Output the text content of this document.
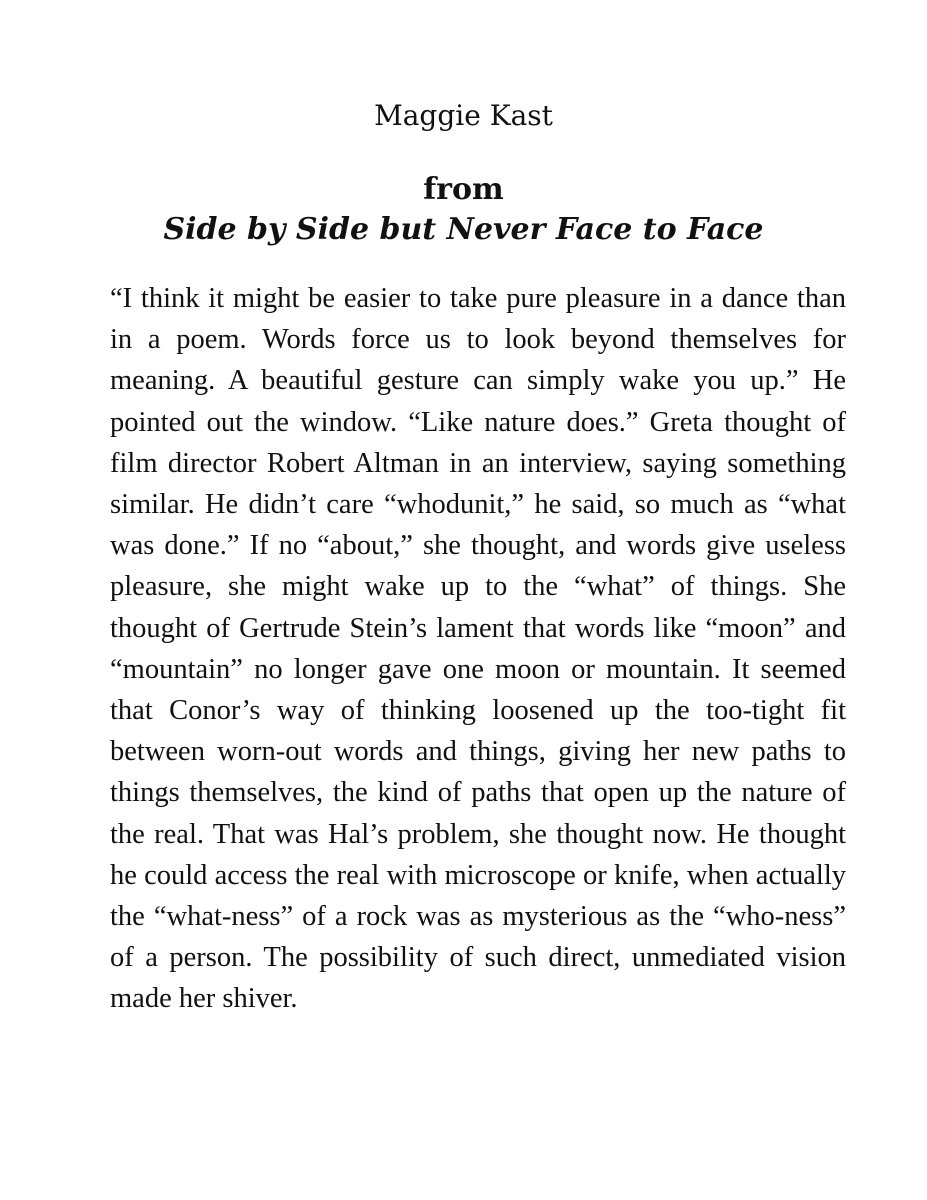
Maggie Kast
from
Side by Side but Never Face to Face

“I think it might be easier to take pure pleasure in a dance than in a poem. Words force us to look beyond themselves for meaning. A beautiful gesture can simply wake you up.” He pointed out the window. “Like nature does.” Greta thought of film director Robert Altman in an interview, saying something similar. He didn’t care “whodunit,” he said, so much as “what was done.” If no “about,” she thought, and words give useless pleasure, she might wake up to the “what” of things. She thought of Gertrude Stein’s lament that words like “moon” and “mountain” no longer gave one moon or mountain. It seemed that Conor’s way of thinking loosened up the too-tight fit between worn-out words and things, giving her new paths to things themselves, the kind of paths that open up the nature of the real. That was Hal’s problem, she thought now. He thought he could access the real with microscope or knife, when actually the “what-ness” of a rock was as mysterious as the “who-ness” of a person. The possibility of such direct, unmediated vision made her shiver.
